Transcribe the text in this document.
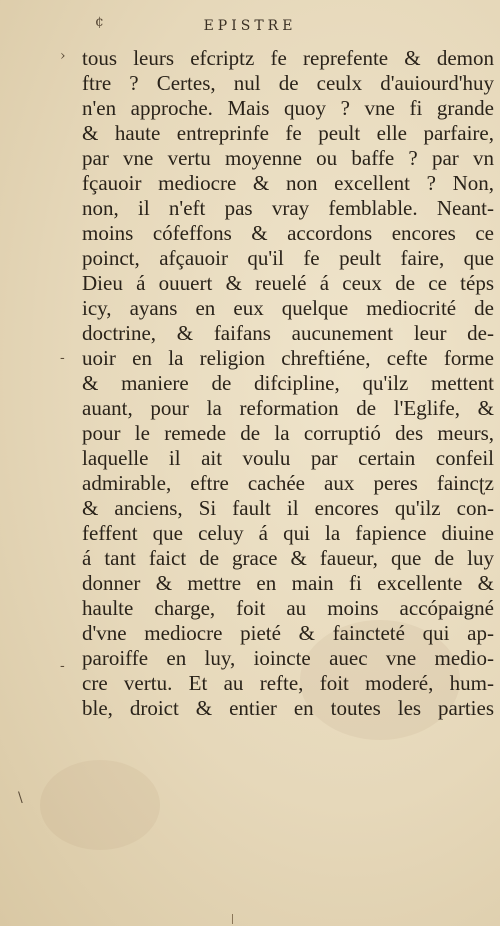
EPISTRE
¢
›
-
-
\
tous leurs efcriptz fe reprefente & demon
ftre ? Certes, nul de ceulx d'auiourd'huy
n'en approche. Mais quoy ? vne fi grande
& haute entreprinfe fe peult elle parfaire,
par vne vertu moyenne ou baffe ? par vn
fçauoir mediocre & non excellent ? Non,
non, il n'eft pas vray femblable. Neant-
moins cófeffons & accordons encores ce
poinct, afçauoir qu'il fe peult faire, que
Dieu á ouuert & reuelé á ceux de ce téps
icy, ayans en eux quelque mediocrité de
doctrine, & faifans aucunement leur de-
uoir en la religion chreftiéne, cefte forme
& maniere de difcipline, qu'ilz mettent
auant, pour la reformation de l'Eglife, &
pour le remede de la corruptió des meurs,
laquelle il ait voulu par certain confeil
admirable, eftre cachée aux peres faincʈz
& anciens, Si fault il encores qu'ilz con-
feffent que celuy á qui la fapience diuine
á tant faict de grace & faueur, que de luy
donner & mettre en main fi excellente &
haulte charge, foit au moins accópaigné
d'vne mediocre pieté & faincteté qui ap-
paroiffe en luy, ioincte auec vne medio-
cre vertu. Et au refte, foit moderé, hum-
ble, droict & entier en toutes les parties
